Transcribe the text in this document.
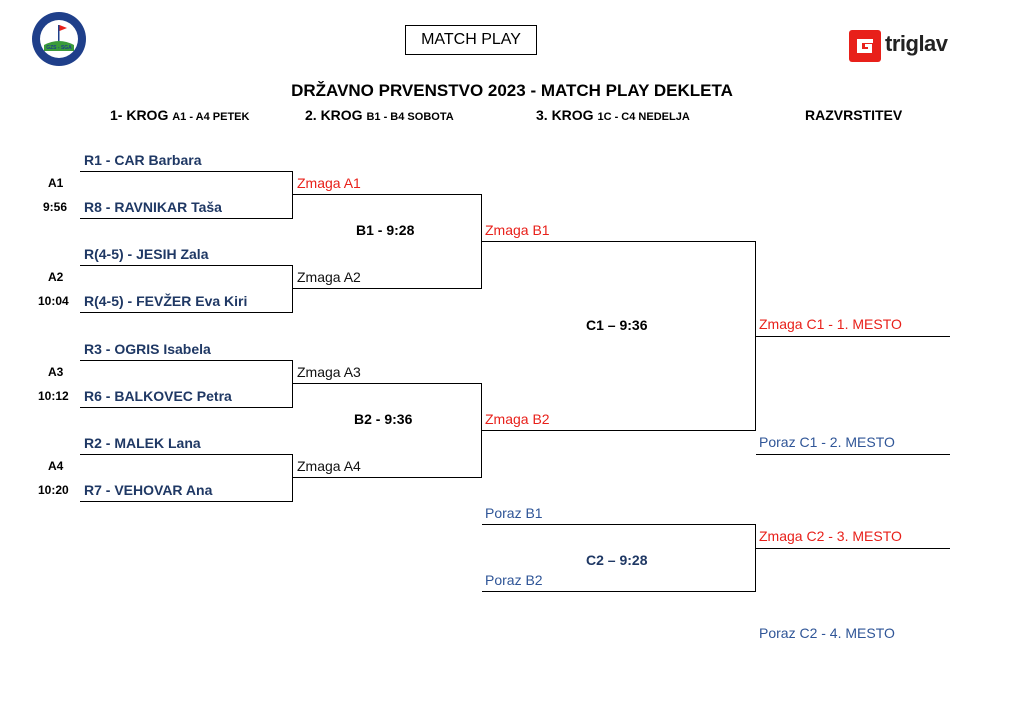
GZS - SGA	MATCH PLAY	triglav
DRŽAVNO PRVENSTVO 2023 - MATCH PLAY DEKLETA
1- KROG A1 - A4 PETEK	2. KROG B1 - B4 SOBOTA	3. KROG 1C - C4 NEDELJA	RAZVRSTITEV
R1 - CAR Barbara
A1
9:56 R8 - RAVNIKAR Taša
R(4-5) - JESIH Zala
A2
10:04 R(4-5) - FEVŽER Eva Kiri
R3 - OGRIS Isabela
A3
10:12 R6 - BALKOVEC Petra
R2 - MALEK Lana
A4
10:20 R7 - VEHOVAR Ana
Zmaga A1
B1 - 9:28
Zmaga A2
Zmaga A3
B2 - 9:36
Zmaga A4
Zmaga B1
C1 – 9:36
Zmaga B2
Poraz B1
C2 – 9:28
Poraz B2
Zmaga C1 - 1. MESTO
Poraz C1 - 2. MESTO
Zmaga C2 - 3. MESTO
Poraz C2 - 4. MESTO
